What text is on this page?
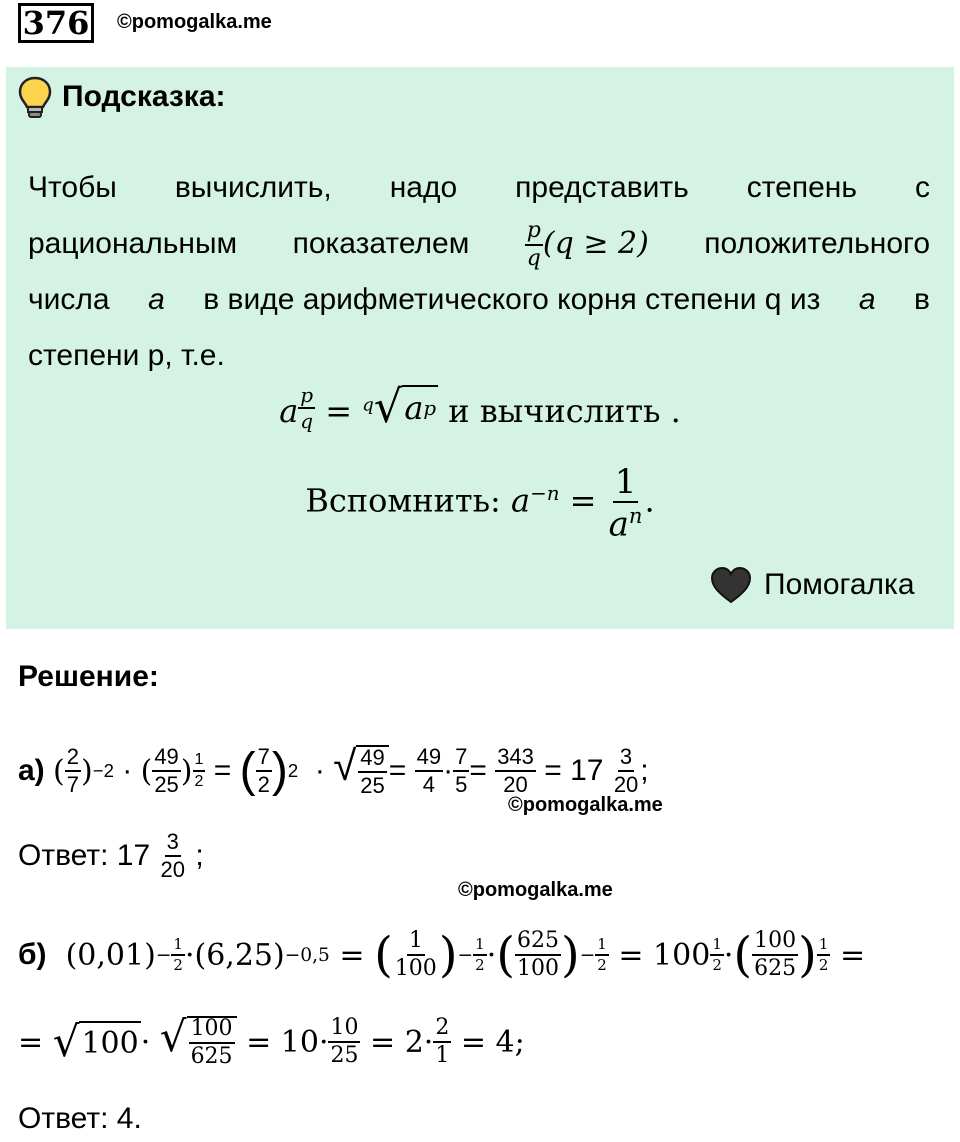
376 ©pomogalka.me
Подсказка:
Чтобы вычислить, надо представить степень с
рациональным показателем	$\frac{p}{q} (q \ge 2)$ положительного
числа a в виде арифметического корня степени q из a в
степени p, т.е.
a $\frac{p}{q} = ^q$ √ a p и вычислить .
Вспомнить: $a^{-n} = \frac{1}{a^n}$ .
Помогалка
Решение:
а)
( $\frac{2}{7}$ ) −2 · ( $\frac{49}{25}$ ) $\frac{1}{2}$ = ( $\frac{7}{2}$ ) 2 · √ $\frac{49}{25} = \frac{49}{4} \cdot \frac{7}{5} = \frac{343}{20} = 17 \frac{3}{20}$ ;
©pomogalka.me
Ответ:
17
$\frac{3}{20}$ ;
©pomogalka.me
б) $(0,01) - \frac{1}{2} \cdot(6,25) -0,5$ = ( $\frac{1}{100}$ ) − $\frac{1}{2}$ · ( $\frac{625}{100}$ ) − $\frac{1}{2} = 100 \frac{1}{2}$ · ( $\frac{100}{625}$ ) $\frac{1}{2}$ =
= √ 100 · √ $\frac{100}{625} = 10\cdot \frac{10}{25} = 2\cdot \frac{2}{1} = 4$;
Ответ: 4.
